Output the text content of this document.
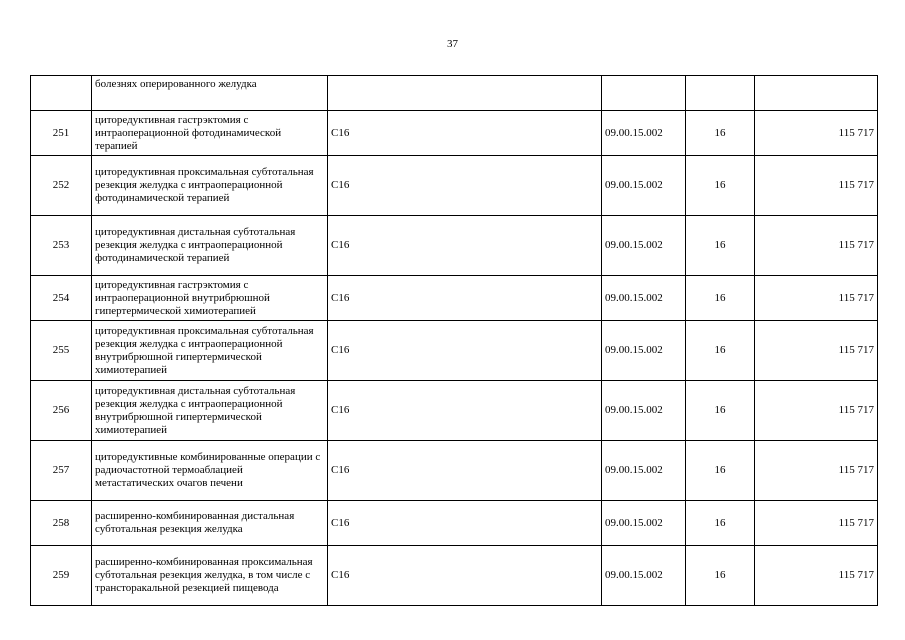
37
	болезнях оперированного желудка				
251	циторедуктивная гастрэктомия с интраоперационной фотодинамической терапией	C16	09.00.15.002	16	115 717
252	циторедуктивная проксимальная субтотальная резекция желудка с интраоперационной фотодинамической терапией	C16	09.00.15.002	16	115 717
253	циторедуктивная дистальная субтотальная резекция желудка с интраоперационной фотодинамической терапией	C16	09.00.15.002	16	115 717
254	циторедуктивная гастрэктомия с интраоперационной внутрибрюшной гипертермической химиотерапией	C16	09.00.15.002	16	115 717
255	циторедуктивная проксимальная субтотальная резекция желудка с интраоперационной внутрибрюшной гипертермической химиотерапией	C16	09.00.15.002	16	115 717
256	циторедуктивная дистальная субтотальная резекция желудка с интраоперационной внутрибрюшной гипертермической химиотерапией	C16	09.00.15.002	16	115 717
257	циторедуктивные комбинированные операции с радиочастотной термоаблацией метастатических очагов печени	C16	09.00.15.002	16	115 717
258	расширенно-комбинированная дистальная субтотальная резекция желудка	C16	09.00.15.002	16	115 717
259	расширенно-комбинированная проксимальная субтотальная резекция желудка, в том числе с трансторакальной резекцией пищевода	C16	09.00.15.002	16	115 717
